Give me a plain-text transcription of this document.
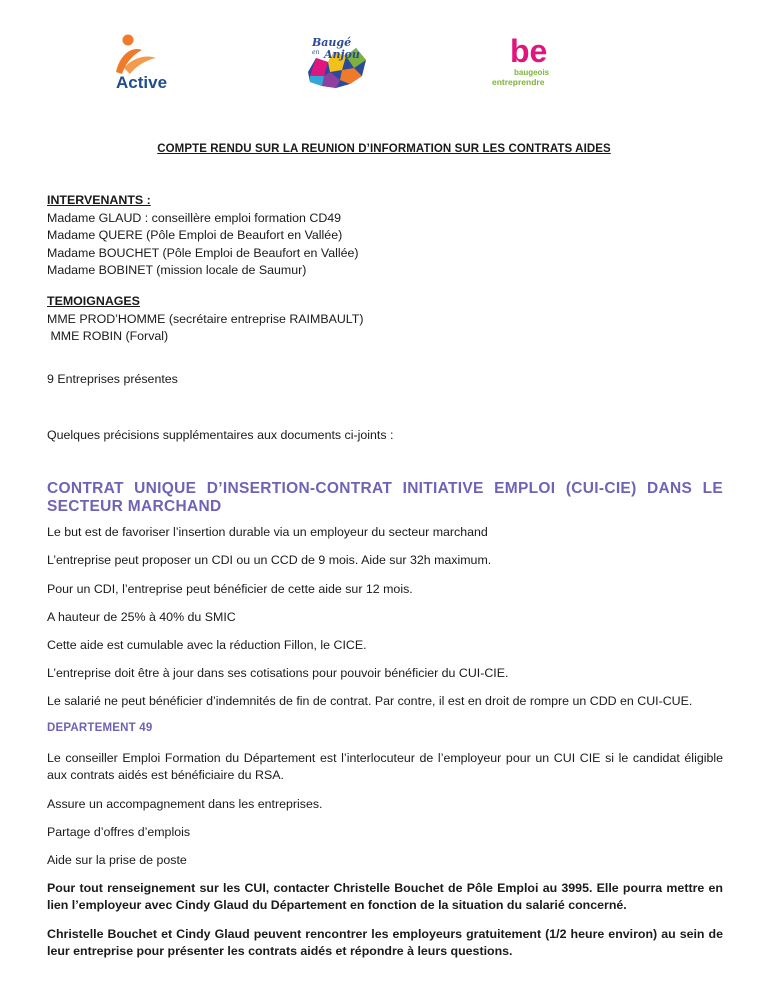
Active
Baugé
en Anjou	be
baugeois
entreprendre
COMPTE RENDU SUR LA REUNION D’INFORMATION SUR LES CONTRATS AIDES

INTERVENANTS :

Madame GLAUD : conseillère emploi formation CD49

Madame QUERE (Pôle Emploi de Beaufort en Vallée)

Madame BOUCHET (Pôle Emploi de Beaufort en Vallée)

Madame BOBINET (mission locale de Saumur)

TEMOIGNAGES

MME PROD’HOMME (secrétaire entreprise RAIMBAULT)

MME ROBIN (Forval)

9 Entreprises présentes

Quelques précisions supplémentaires aux documents ci-joints :

CONTRAT UNIQUE D’INSERTION-CONTRAT INITIATIVE EMPLOI (CUI-CIE) DANS LE SECTEUR MARCHAND

Le but est de favoriser l’insertion durable via un employeur du secteur marchand

L’entreprise peut proposer un CDI ou un CCD de 9 mois. Aide sur 32h maximum.

Pour un CDI, l’entreprise peut bénéficier de cette aide sur 12 mois.

A hauteur de 25% à 40% du SMIC

Cette aide est cumulable avec la réduction Fillon, le CICE.

L’entreprise doit être à jour dans ses cotisations pour pouvoir bénéficier du CUI-CIE.

Le salarié ne peut bénéficier d’indemnités de fin de contrat. Par contre, il est en droit de rompre un CDD en CUI-CUE.

DEPARTEMENT 49

Le conseiller Emploi Formation du Département est l’interlocuteur de l’employeur pour un CUI CIE si le candidat éligible aux contrats aidés est bénéficiaire du RSA.

Assure un accompagnement dans les entreprises.

Partage d’offres d’emplois

Aide sur la prise de poste

Pour tout renseignement sur les CUI, contacter Christelle Bouchet de Pôle Emploi au 3995. Elle pourra mettre en lien l’employeur avec Cindy Glaud du Département en fonction de la situation du salarié concerné.

Christelle Bouchet et Cindy Glaud peuvent rencontrer les employeurs gratuitement (1/2 heure environ) au sein de leur entreprise pour présenter les contrats aidés et répondre à leurs questions.
